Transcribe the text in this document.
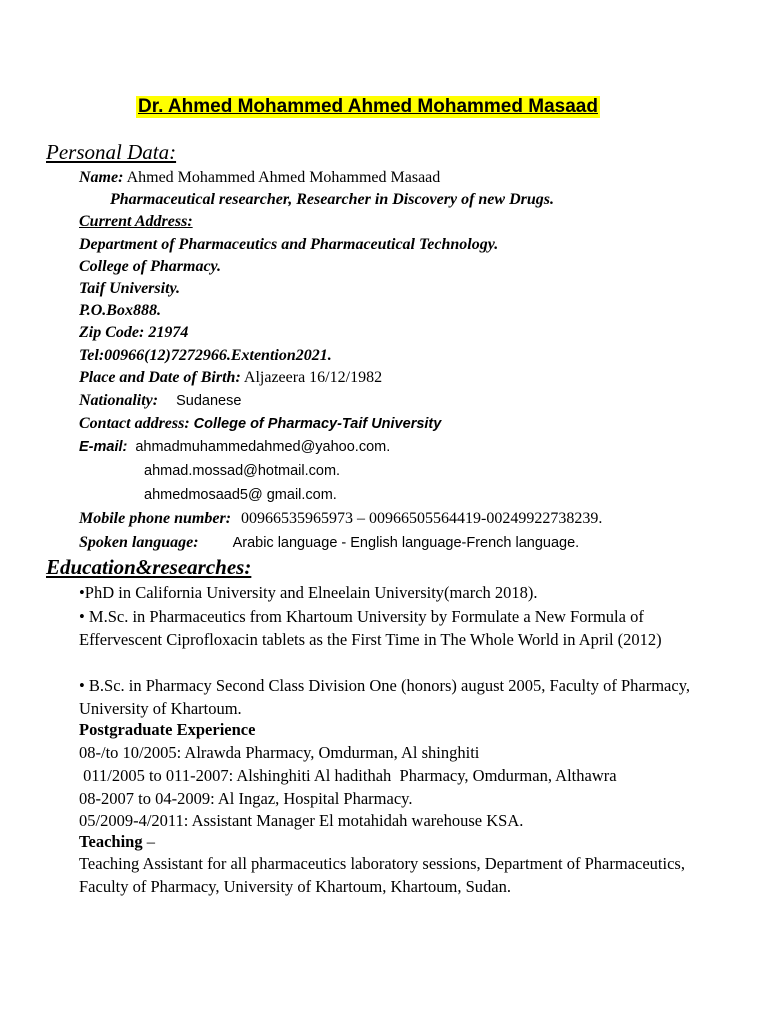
Dr. Ahmed Mohammed Ahmed Mohammed Masaad
Personal Data:
Name: Ahmed Mohammed Ahmed Mohammed Masaad
Pharmaceutical researcher, Researcher in Discovery of new Drugs.
Current Address:
Department of Pharmaceutics and Pharmaceutical Technology.
College of Pharmacy.
Taif University.
P.O.Box888.
Zip Code: 21974
Tel:00966(12)7272966.Extention2021.
Place and Date of Birth: Aljazeera 16/12/1982
Nationality: Sudanese
Contact address: College of Pharmacy-Taif University
E-mail: ahmadmuhammedahmed@yahoo.com.
ahmad.mossad@hotmail.com.
ahmedmosaad5@ gmail.com.
Mobile phone number: 00966535965973 – 00966505564419-00249922738239.
Spoken language: Arabic language - English language-French language.
Education&researches:
•PhD in California University and Elneelain University(march 2018).
• M.Sc. in Pharmaceutics from Khartoum University by Formulate a New Formula of Effervescent Ciprofloxacin tablets as the First Time in The Whole World in April (2012)
• B.Sc. in Pharmacy Second Class Division One (honors) august 2005, Faculty of Pharmacy, University of Khartoum.
Postgraduate Experience
08-/to 10/2005: Alrawda Pharmacy, Omdurman, Al shinghiti
011/2005 to 011-2007: Alshinghiti Al hadithah  Pharmacy, Omdurman, Althawra
08-2007 to 04-2009: Al Ingaz, Hospital Pharmacy.
05/2009-4/2011: Assistant Manager El motahidah warehouse KSA.
Teaching –
Teaching Assistant for all pharmaceutics laboratory sessions, Department of Pharmaceutics, Faculty of Pharmacy, University of Khartoum, Khartoum, Sudan.
